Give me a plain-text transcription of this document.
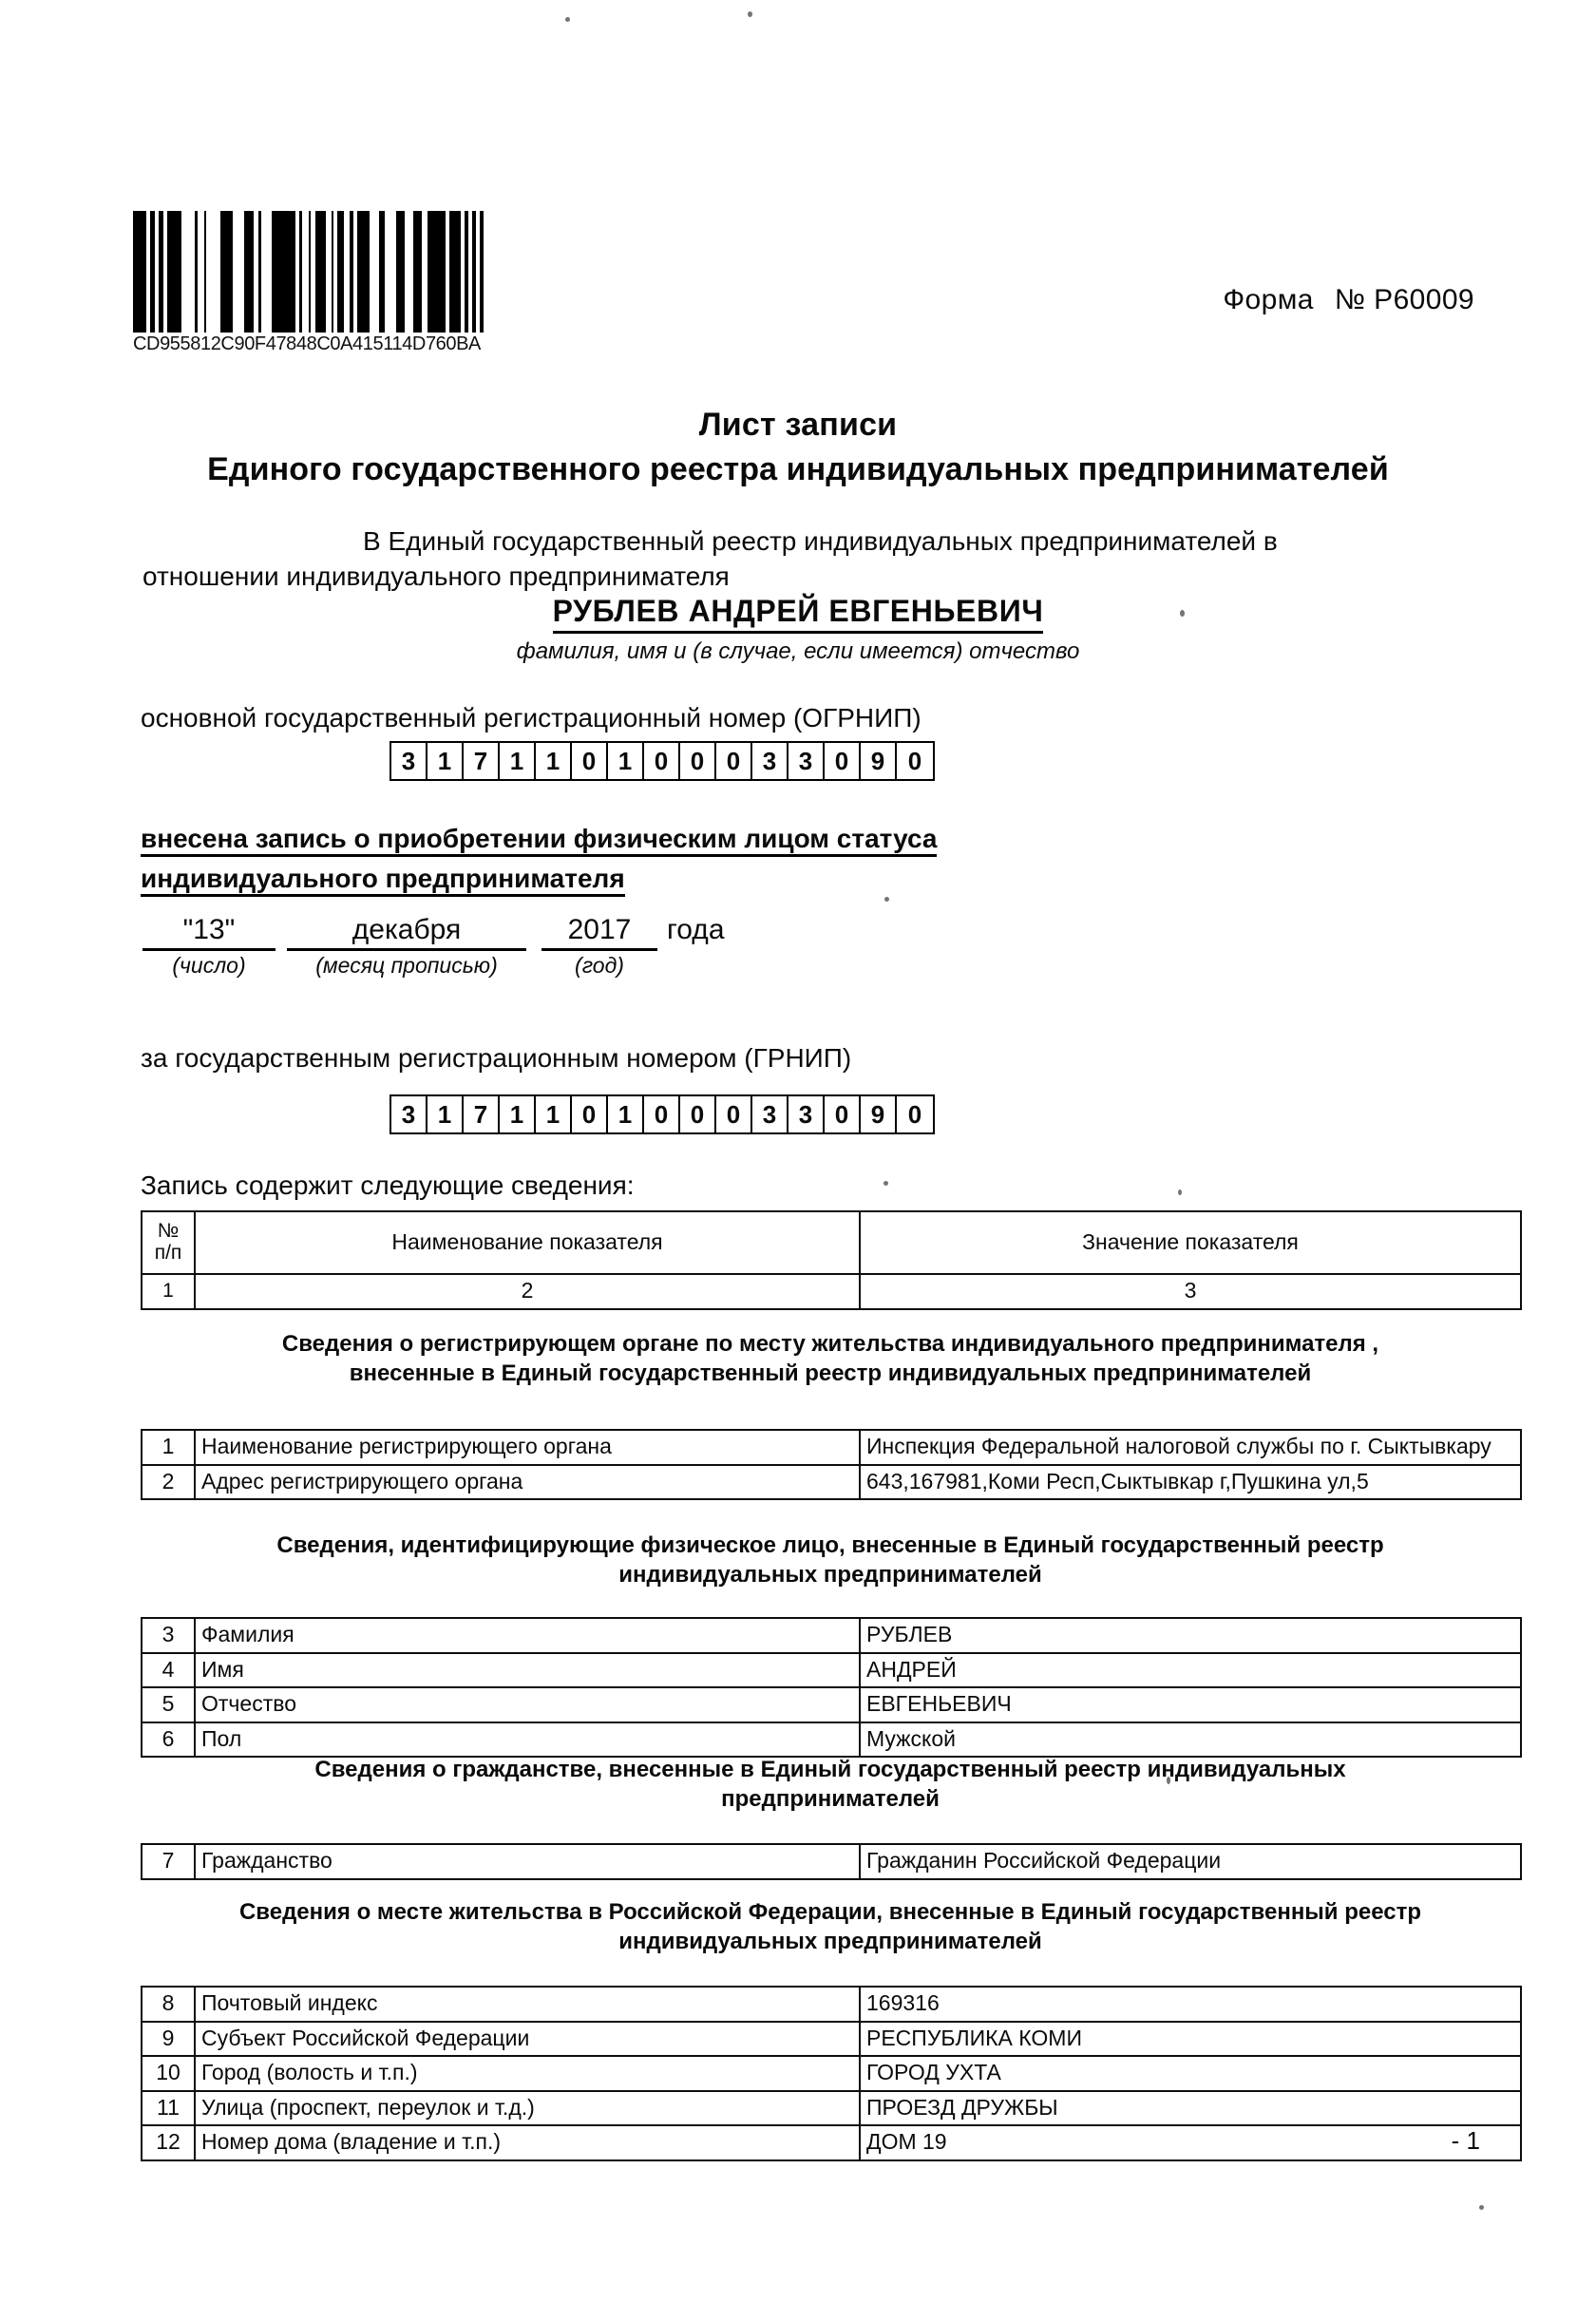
CD955812C90F47848C0A415114D760BA
Форма № Р60009
Лист записи
Единого государственного реестра индивидуальных предпринимателей
В Единый государственный реестр индивидуальных предпринимателей в
отношении индивидуального предпринимателя
РУБЛЕВ АНДРЕЙ ЕВГЕНЬЕВИЧ
фамилия, имя и (в случае, если имеется) отчество
основной государственный регистрационный номер (ОГРНИП)
3 1 7 1 1 0 1 0 0 0 3 3 0 9 0
внесена запись о приобретении физическим лицом статуса
индивидуального предпринимателя
"13"
(число)
декабря
(месяц прописью)
2017
(год)
года
за государственным регистрационным номером (ГРНИП)
3 1 7 1 1 0 1 0 0 0 3 3 0 9 0
Запись содержит следующие сведения:
№
п/п	Наименование показателя	Значение показателя
1	2	3
Сведения о регистрирующем органе по месту жительства индивидуального предпринимателя ,
внесенные в Единый государственный реестр индивидуальных предпринимателей
1	Наименование регистрирующего органа	Инспекция Федеральной налоговой службы по г. Сыктывкару
2	Адрес регистрирующего органа	643,167981,Коми Респ,Сыктывкар г,Пушкина ул,5
Сведения, идентифицирующие физическое лицо, внесенные в Единый государственный реестр
индивидуальных предпринимателей
3	Фамилия	РУБЛЕВ
4	Имя	АНДРЕЙ
5	Отчество	ЕВГЕНЬЕВИЧ
6	Пол	Мужской
Сведения о гражданстве, внесенные в Единый государственный реестр индивидуальных
предпринимателей
7	Гражданство	Гражданин Российской Федерации
Сведения о месте жительства в Российской Федерации, внесенные в Единый государственный реестр
индивидуальных предпринимателей
8	Почтовый индекс	169316
9	Субъект Российской Федерации	РЕСПУБЛИКА КОМИ
10	Город (волость и т.п.)	ГОРОД УХТА
11	Улица (проспект, переулок и т.д.)	ПРОЕЗД ДРУЖБЫ
12	Номер дома (владение и т.п.)	ДОМ 19	- 1
